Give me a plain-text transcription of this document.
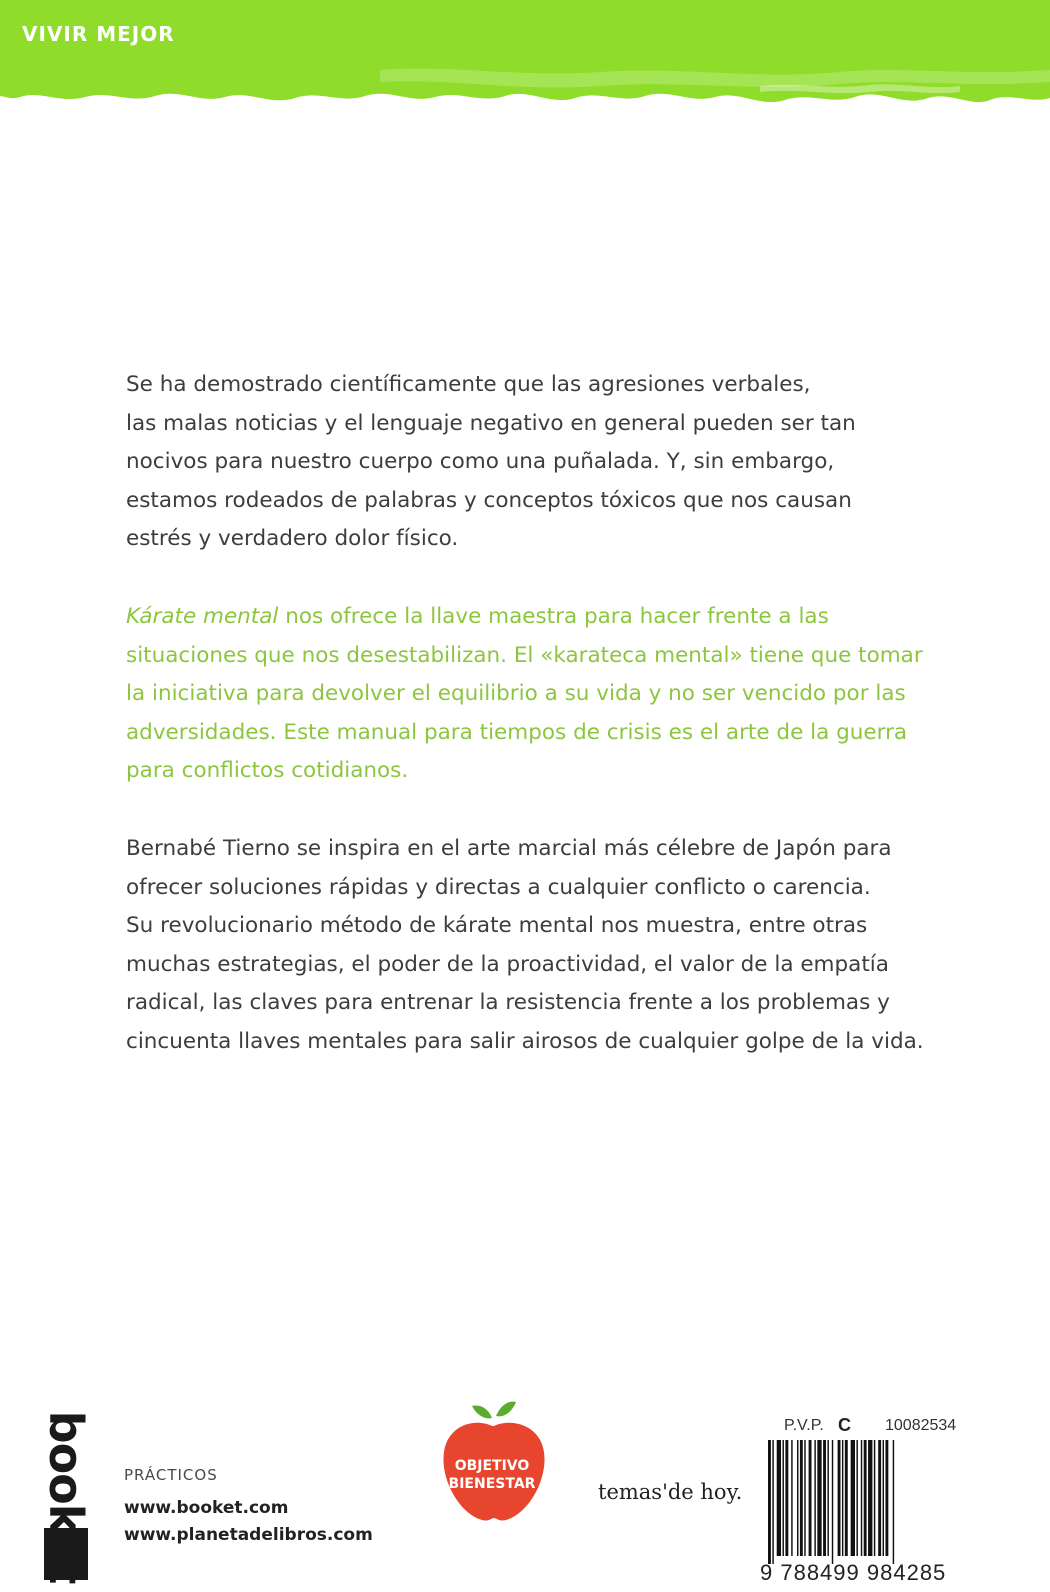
VIVIR MEJOR
Se ha demostrado científicamente que las agresiones verbales,
las malas noticias y el lenguaje negativo en general pueden ser tan
nocivos para nuestro cuerpo como una puñalada. Y, sin embargo,
estamos rodeados de palabras y conceptos tóxicos que nos causan
estrés y verdadero dolor físico.
Kárate mental nos ofrece la llave maestra para hacer frente a las
situaciones que nos desestabilizan. El «karateca mental» tiene que tomar
la iniciativa para devolver el equilibrio a su vida y no ser vencido por las
adversidades. Este manual para tiempos de crisis es el arte de la guerra
para conflictos cotidianos.
Bernabé Tierno se inspira en el arte marcial más célebre de Japón para
ofrecer soluciones rápidas y directas a cualquier conflicto o carencia.
Su revolucionario método de kárate mental nos muestra, entre otras
muchas estrategias, el poder de la proactividad, el valor de la empatía
radical, las claves para entrenar la resistencia frente a los problemas y
cincuenta llaves mentales para salir airosos de cualquier golpe de la vida.
booket PRÁCTICOS
www.booket.com
www.planetadelibros.com
OBJETIVO
BIENESTAR	temas'de hoy.
P.V.P. C 10082534
9 788499 984285
